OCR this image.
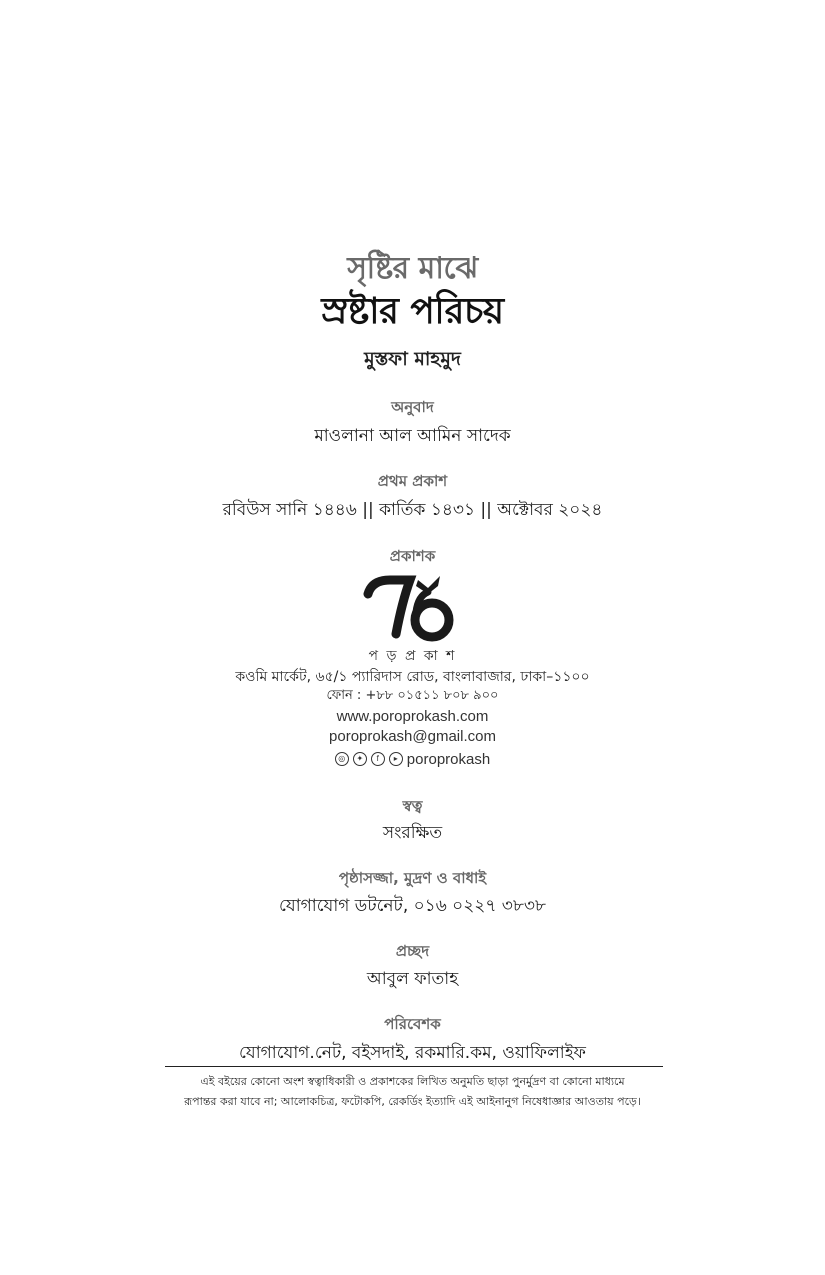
সৃষ্টির মাঝে
স্রষ্টার পরিচয়
মুস্তফা মাহমুদ
অনুবাদ
মাওলানা আল আমিন সাদেক
প্রথম প্রকাশ
রবিউস সানি ১৪৪৬ || কার্তিক ১৪৩১ || অক্টোবর ২০২৪
প্রকাশক
প ড় প্র কা শ
কওমি মার্কেট, ৬৫/১ প্যারিদাস রোড, বাংলাবাজার, ঢাকা–১১০০
ফোন : +৮৮ ০১৫১১ ৮০৮ ৯০০
www.poroprokash.com
poroprokash@gmail.com
◎	✦	f	▸ poroprokash
স্বত্ব
সংরক্ষিত
পৃষ্ঠাসজ্জা, মুদ্রণ ও বাধাই
যোগাযোগ ডটনেট, ০১৬ ০২২৭ ৩৮৩৮
প্রচ্ছদ
আবুল ফাতাহ
পরিবেশক
যোগাযোগ.নেট, বইসদাই, রকমারি.কম, ওয়াফিলাইফ
এই বইয়ের কোনো অংশ স্বত্বাধিকারী ও প্রকাশকের লিখিত অনুমতি ছাড়া পুনর্মুদ্রণ বা কোনো মাধ্যমে
রূপান্তর করা যাবে না; আলোকচিত্র, ফটোকপি, রেকর্ডিং ইত্যাদি এই আইনানুগ নিষেধাজ্ঞার আওতায় পড়ে।
